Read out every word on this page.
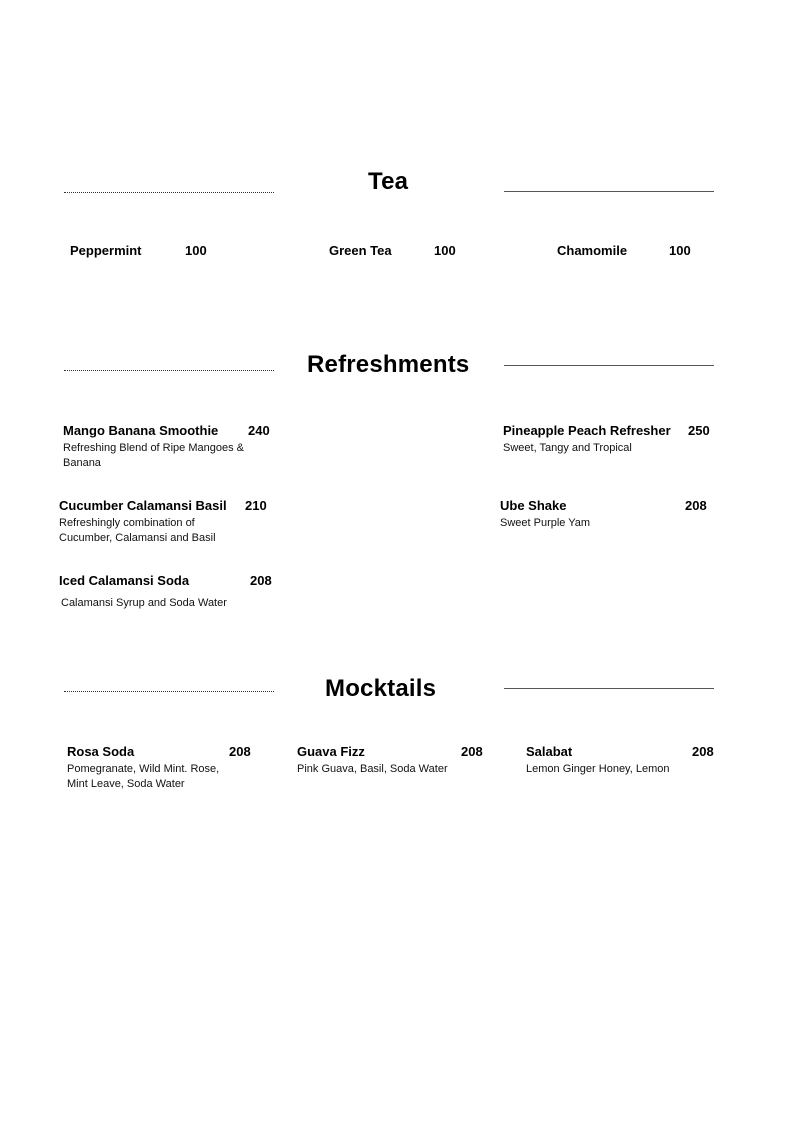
Tea
Peppermint	100	Green Tea	100	Chamomile	100
Refreshments
Mango Banana Smoothie 240
Refreshing Blend of Ripe Mangoes & Banana
Pineapple Peach Refresher 250
Sweet, Tangy and Tropical
Cucumber Calamansi Basil 210
Refreshingly combination of Cucumber, Calamansi and Basil
Ube Shake	208
Sweet Purple Yam
Iced Calamansi Soda	208
Calamansi Syrup and Soda Water
Mocktails
Rosa Soda	208
Pomegranate, Wild Mint. Rose, Mint Leave, Soda Water
Guava Fizz	208
Pink Guava, Basil, Soda Water
Salabat	208
Lemon Ginger Honey, Lemon
